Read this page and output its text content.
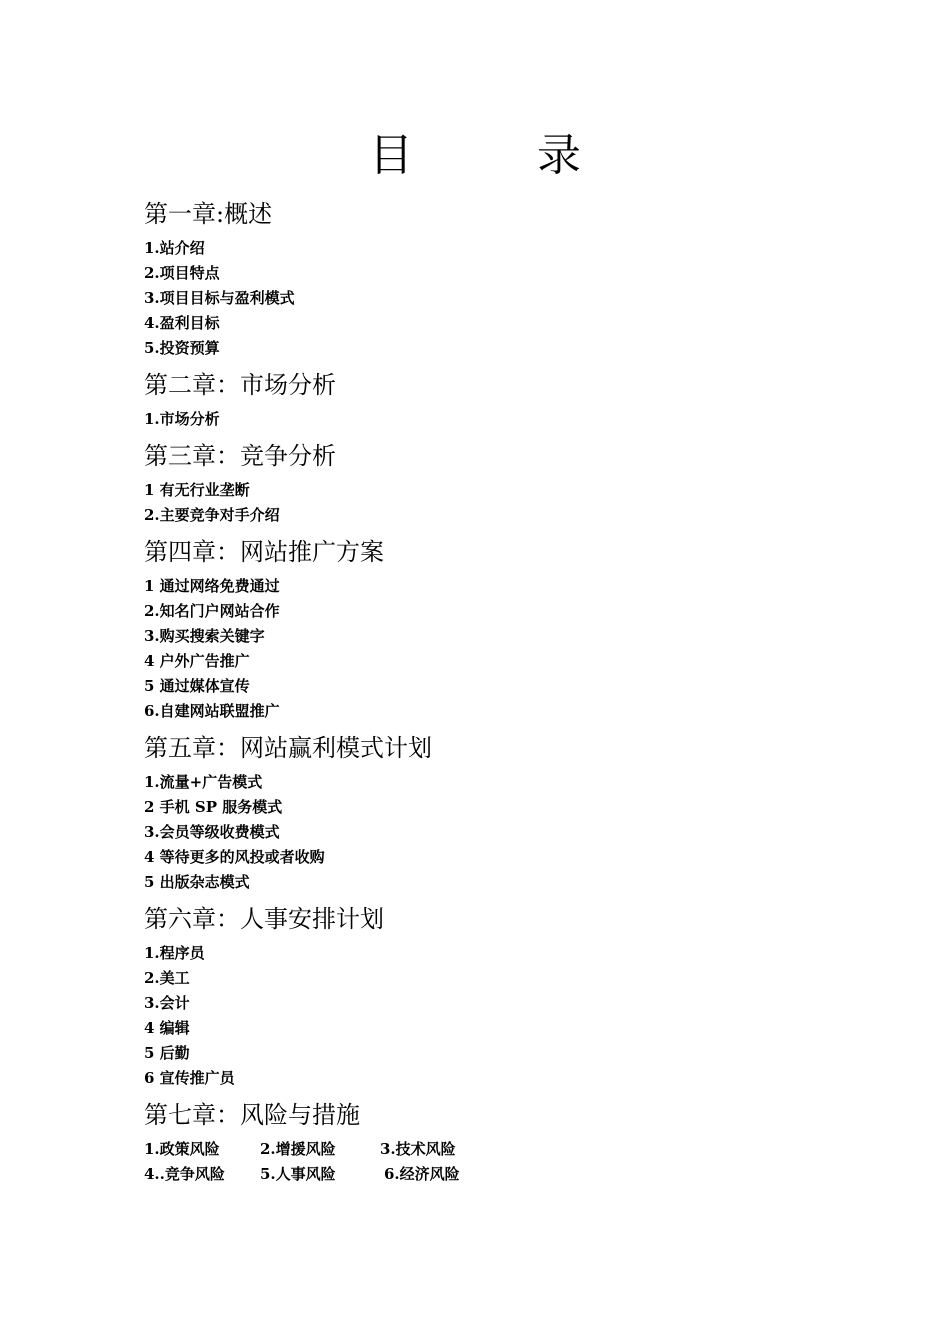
目　录
第一章:概述
1.站介绍
2.项目特点
3.项目目标与盈利模式
4.盈利目标
5.投资预算
第二章：市场分析
1.市场分析
第三章：竞争分析
1 有无行业垄断
2.主要竞争对手介绍
第四章：网站推广方案
1 通过网络免费通过
2.知名门户网站合作
3.购买搜索关键字
4 户外广告推广
5 通过媒体宣传
6.自建网站联盟推广
第五章：网站赢利模式计划
1.流量+广告模式
2 手机 SP 服务模式
3.会员等级收费模式
4 等待更多的风投或者收购
5 出版杂志模式
第六章：人事安排计划
1.程序员
2.美工
3.会计
4 编辑
5 后勤
6 宣传推广员
第七章：风险与措施
1.政策风险	2.增援风险	3.技术风险
4..竞争风险	5.人事风险	6.经济风险
